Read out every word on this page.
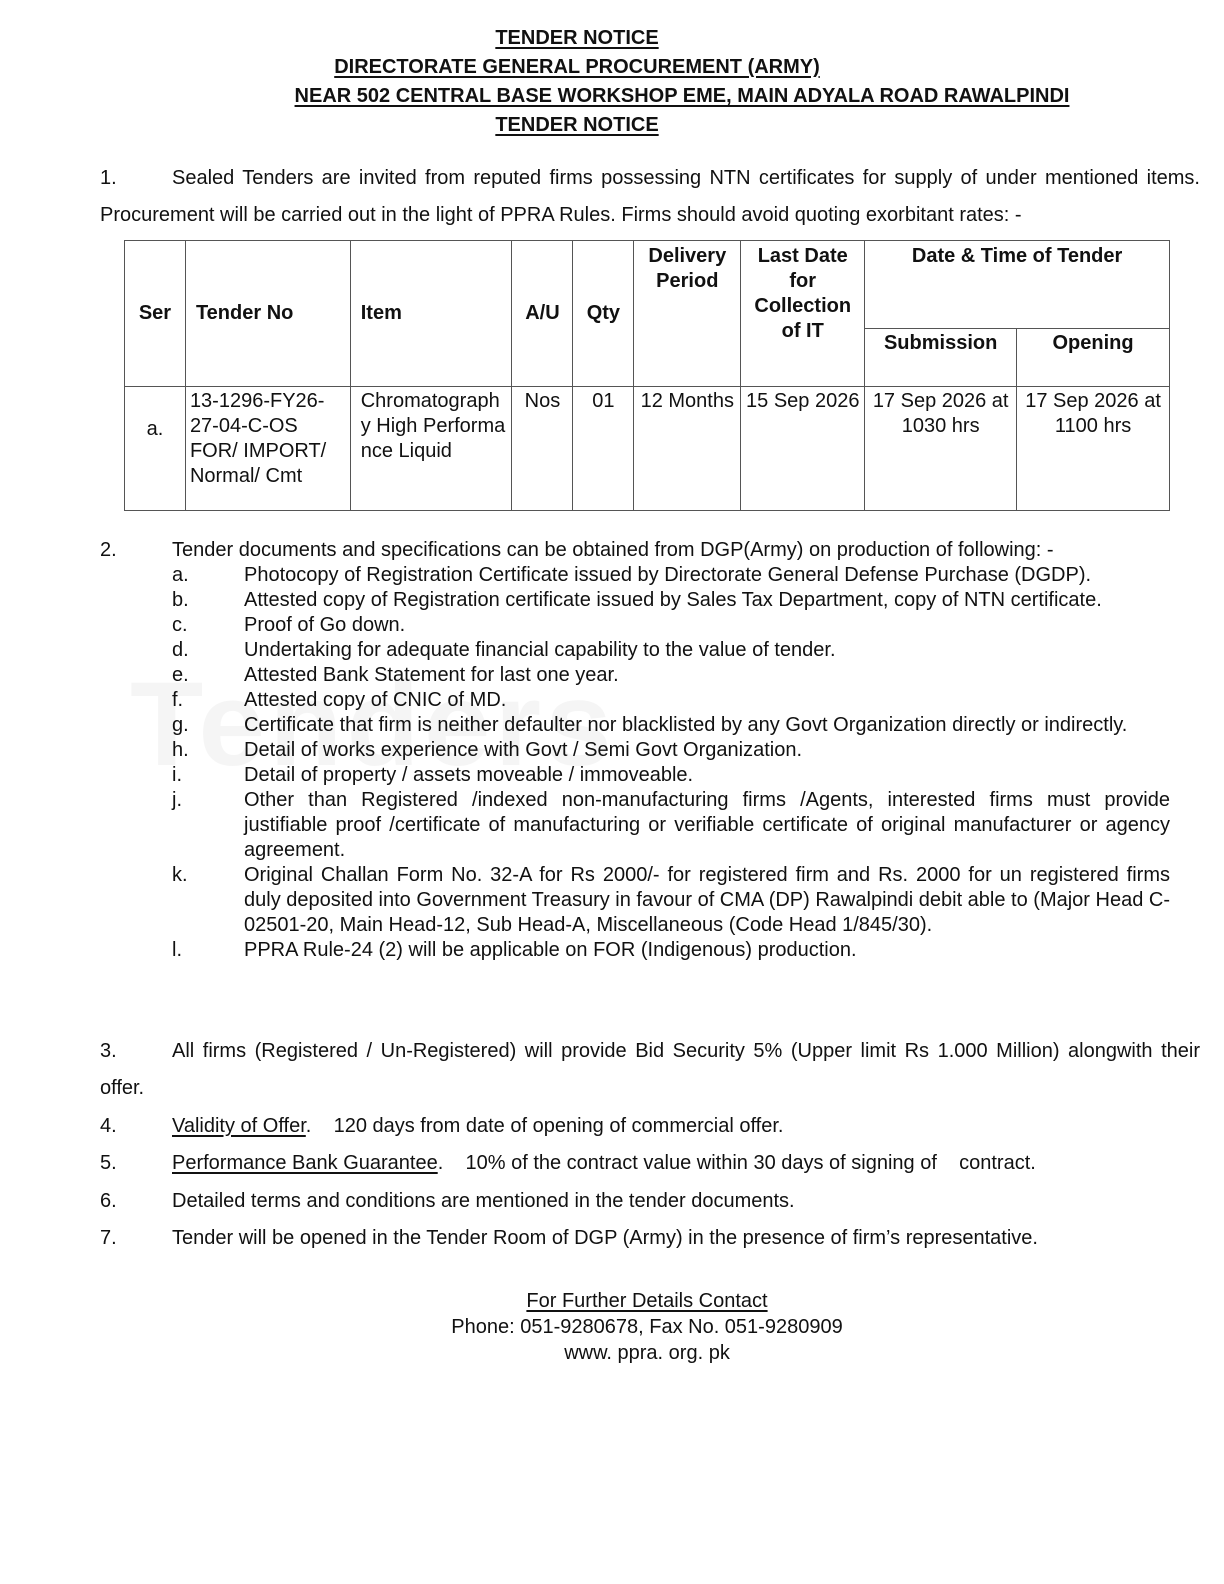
TENDER NOTICE
DIRECTORATE GENERAL PROCUREMENT (ARMY)
NEAR 502 CENTRAL BASE WORKSHOP EME, MAIN ADYALA ROAD RAWALPINDI
TENDER NOTICE
1.	Sealed Tenders are invited from reputed firms possessing NTN certificates for supply of under mentioned items. Procurement will be carried out in the light of PPRA Rules. Firms should avoid quoting exorbitant rates: -
Ser	Tender No	Item	A/U	Qty	Delivery Period	Last Date for Collection of IT	Date & Time of Tender	
							Submission	Opening
a.	13-1296-FY26-27-04-C-OS FOR/ IMPORT/ Normal/ Cmt	Chromatography High Performance Liquid	Nos	01	12 Months	15 Sep 2026	17 Sep 2026 at 1030 hrs	17 Sep 2026 at 1100 hrs
2.	Tender documents and specifications can be obtained from DGP(Army) on production of following: -
a.	Photocopy of Registration Certificate issued by Directorate General Defense Purchase (DGDP).
b.	Attested copy of Registration certificate issued by Sales Tax Department, copy of NTN certificate.
c.	Proof of Go down.
d.	Undertaking for adequate financial capability to the value of tender.
e.	Attested Bank Statement for last one year.
f.	Attested copy of CNIC of MD.
g.	Certificate that firm is neither defaulter nor blacklisted by any Govt Organization directly or indirectly.
h.	Detail of works experience with Govt / Semi Govt Organization.
i.	Detail of property / assets moveable / immoveable.
j.	Other than Registered /indexed non-manufacturing firms /Agents, interested firms must provide justifiable proof /certificate of manufacturing or verifiable certificate of original manufacturer or agency agreement.
k.	Original Challan Form No. 32-A for Rs 2000/- for registered firm and Rs. 2000 for un registered firms duly deposited into Government Treasury in favour of CMA (DP) Rawalpindi debit able to (Major Head C-02501-20, Main Head-12, Sub Head-A, Miscellaneous (Code Head 1/845/30).
l.	PPRA Rule-24 (2) will be applicable on FOR (Indigenous) production.
3.	All firms (Registered / Un-Registered) will provide Bid Security 5% (Upper limit Rs 1.000 Million) alongwith their offer.
4.	Validity of Offer.    120 days from date of opening of commercial offer.
5.	Performance Bank Guarantee.    10% of the contract value within 30 days of signing of    contract.
6.	Detailed terms and conditions are mentioned in the tender documents.
7.	Tender will be opened in the Tender Room of DGP (Army) in the presence of firm’s representative.
For Further Details Contact
Phone: 051-9280678, Fax No. 051-9280909
www. ppra. org. pk
